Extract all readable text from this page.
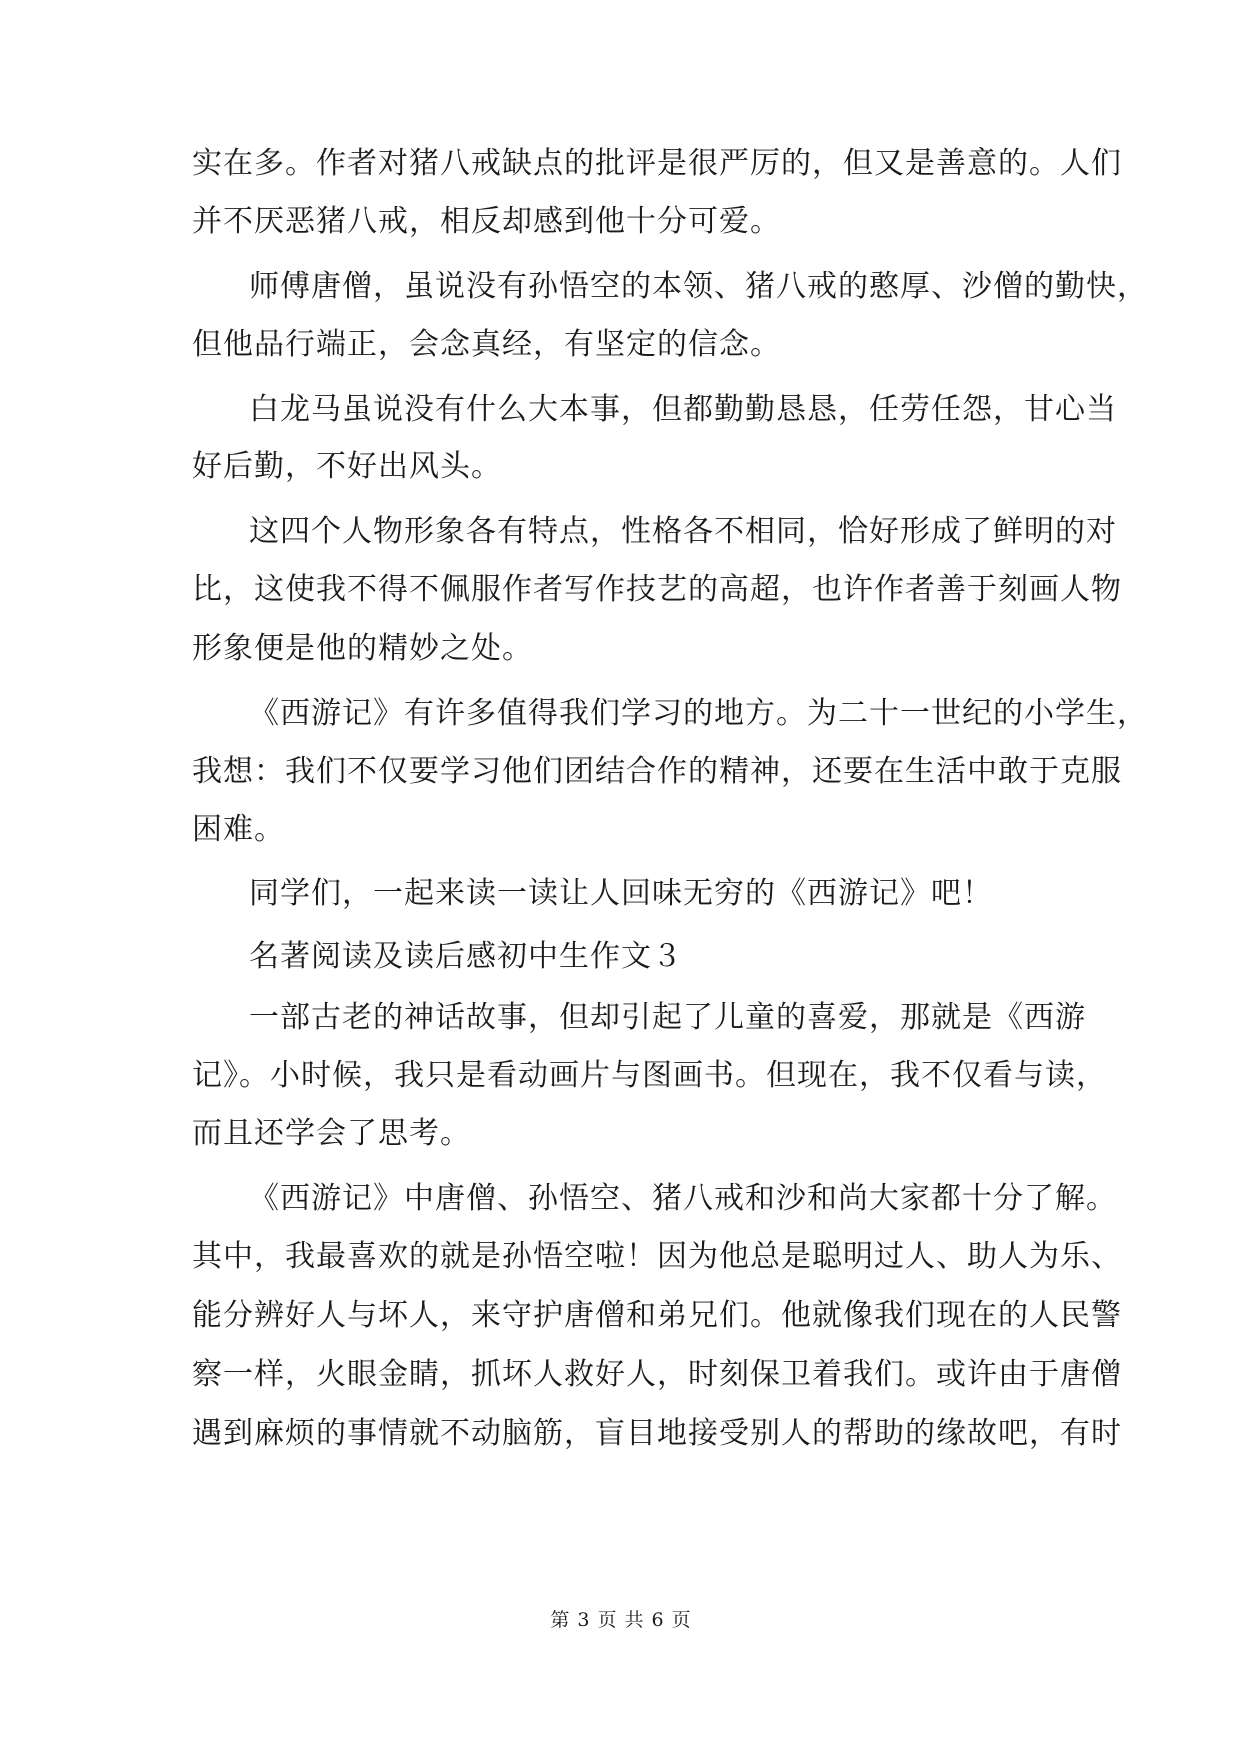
实在多。作者对猪八戒缺点的批评是很严厉的，但又是善意的。人们
并不厌恶猪八戒，相反却感到他十分可爱。
师傅唐僧，虽说没有孙悟空的本领、猪八戒的憨厚、沙僧的勤快，
但他品行端正，会念真经，有坚定的信念。
白龙马虽说没有什么大本事，但都勤勤恳恳，任劳任怨，甘心当
好后勤，不好出风头。
这四个人物形象各有特点，性格各不相同，恰好形成了鲜明的对
比，这使我不得不佩服作者写作技艺的高超，也许作者善于刻画人物
形象便是他的精妙之处。
《西游记》有许多值得我们学习的地方。为二十一世纪的小学生，
我想：我们不仅要学习他们团结合作的精神，还要在生活中敢于克服
困难。
同学们，一起来读一读让人回味无穷的《西游记》吧！
名著阅读及读后感初中生作文３
一部古老的神话故事，但却引起了儿童的喜爱，那就是《西游
记》。小时候，我只是看动画片与图画书。但现在，我不仅看与读，
而且还学会了思考。
《西游记》中唐僧、孙悟空、猪八戒和沙和尚大家都十分了解。
其中，我最喜欢的就是孙悟空啦！因为他总是聪明过人、助人为乐、
能分辨好人与坏人，来守护唐僧和弟兄们。他就像我们现在的人民警
察一样，火眼金睛，抓坏人救好人，时刻保卫着我们。或许由于唐僧
遇到麻烦的事情就不动脑筋，盲目地接受别人的帮助的缘故吧，有时
第 3 页 共 6 页
